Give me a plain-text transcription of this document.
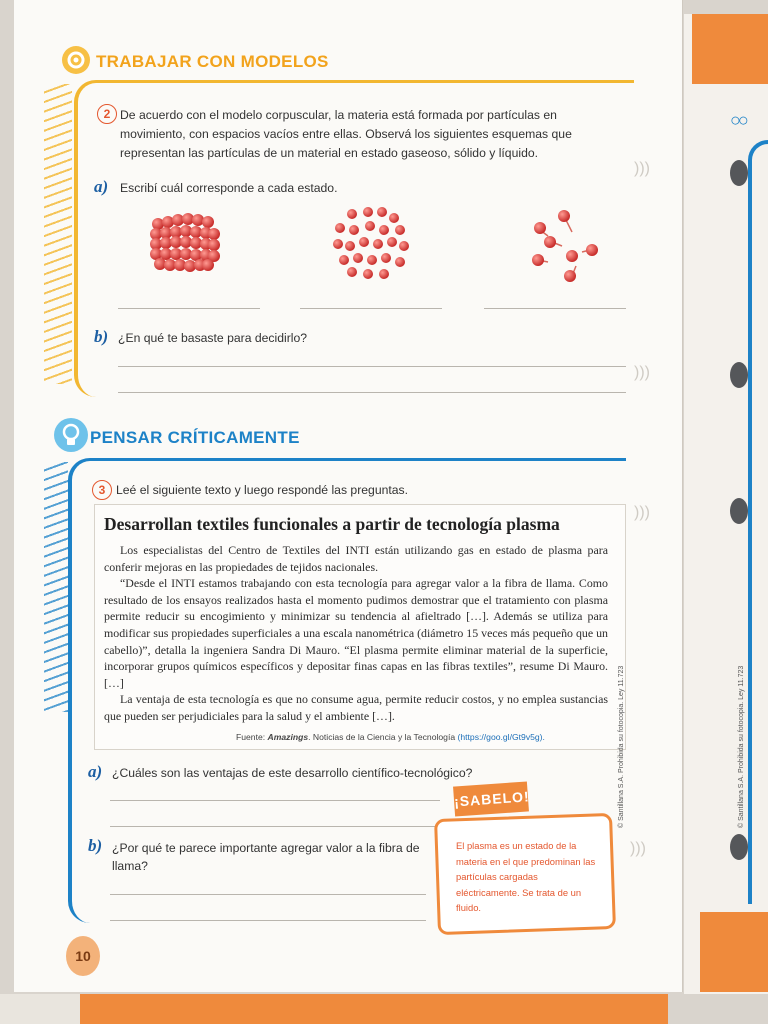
○○
© Santillana S.A. Prohibida su fotocopia. Ley 11.723
TRABAJAR CON MODELOS
2 De acuerdo con el modelo corpuscular, la materia está formada por partículas en
movimiento, con espacios vacíos entre ellas. Observá los siguientes esquemas que
representan las partículas de un material en estado gaseoso, sólido y líquido.
a) Escribí cuál corresponde a cada estado.
b) ¿En qué te basaste para decidirlo?
)))
)))
PENSAR CRÍTICAMENTE
3 Leé el siguiente texto y luego respondé las preguntas.
)))
Desarrollan textiles funcionales a partir de tecnología plasma

Los especialistas del Centro de Textiles del INTI están utilizando gas en estado de plasma para conferir mejoras en las propiedades de tejidos nacionales.

“Desde el INTI estamos trabajando con esta tecnología para agregar valor a la fibra de llama. Como resultado de los ensayos realizados hasta el momento pudimos demostrar que el tratamiento con plasma permite reducir su encogimiento y minimizar su tendencia al afieltrado […]. Además se utiliza para modificar sus propiedades superficiales a una escala nanométrica (diámetro 15 veces más pequeño que un cabello)”, detalla la ingeniera Sandra Di Mauro. “El plasma permite eliminar material de la superficie, incorporar grupos químicos específicos y depositar finas capas en las fibras textiles”, resume Di Mauro. […]

La ventaja de esta tecnología es que no consume agua, permite reducir costos, y no emplea sustancias que pueden ser perjudiciales para la salud y el ambiente […].

Fuente: Amazings. Noticias de la Ciencia y la Tecnología (https://goo.gl/Gt9v5g).
a) ¿Cuáles son las ventajas de este desarrollo científico-tecnológico?
b) ¿Por qué te parece importante agregar valor a la fibra de
llama?
¡SABELO!
El plasma es un estado de la materia en el que predominan las partículas cargadas eléctricamente. Se trata de un fluido.
)))
© Santillana S.A. Prohibida su fotocopia. Ley 11.723
10
